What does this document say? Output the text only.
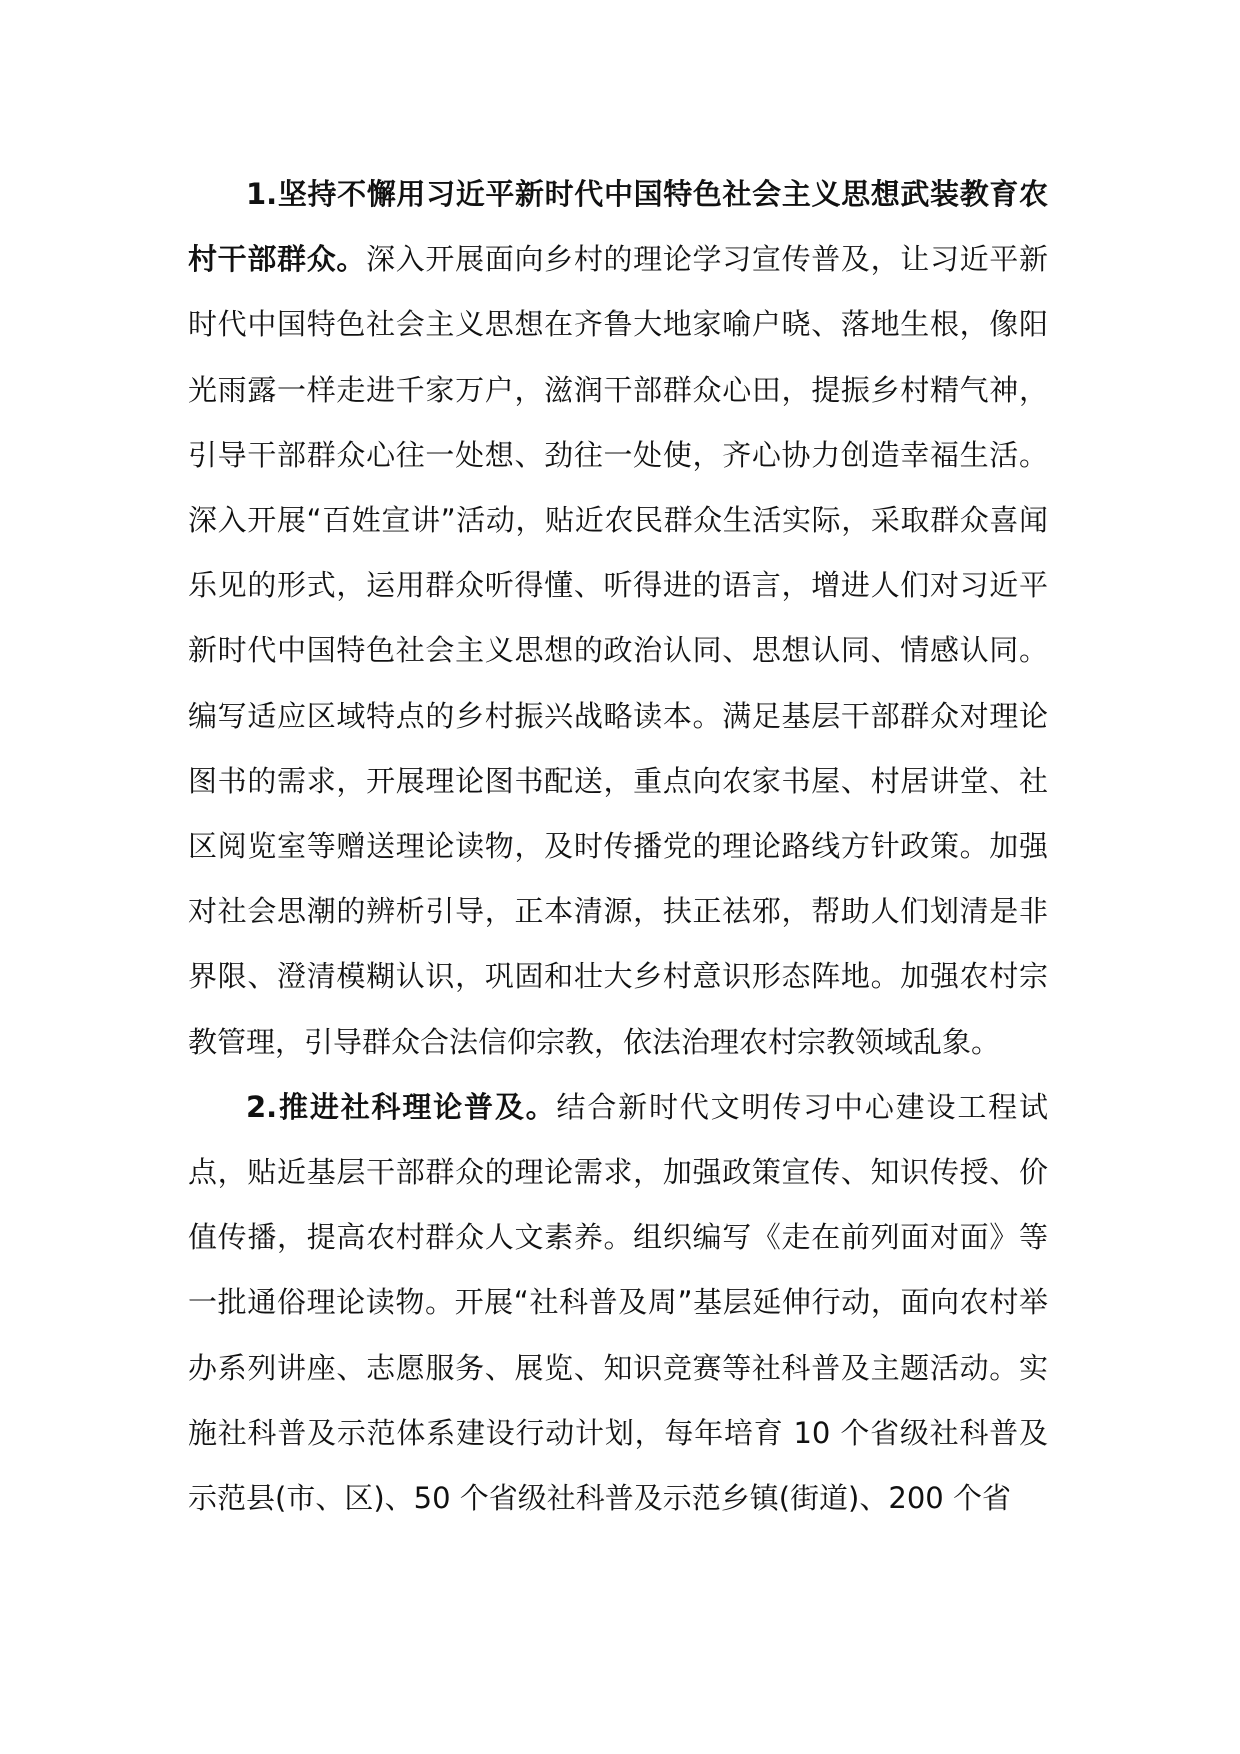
1.坚持不懈用习近平新时代中国特色社会主义思想武装教育农村干部群众。深入开展面向乡村的理论学习宣传普及，让习近平新时代中国特色社会主义思想在齐鲁大地家喻户晓、落地生根，像阳光雨露一样走进千家万户，滋润干部群众心田，提振乡村精气神，引导干部群众心往一处想、劲往一处使，齐心协力创造幸福生活。深入开展“百姓宣讲”活动，贴近农民群众生活实际，采取群众喜闻乐见的形式，运用群众听得懂、听得进的语言，增进人们对习近平新时代中国特色社会主义思想的政治认同、思想认同、情感认同。编写适应区域特点的乡村振兴战略读本。满足基层干部群众对理论图书的需求，开展理论图书配送，重点向农家书屋、村居讲堂、社区阅览室等赠送理论读物，及时传播党的理论路线方针政策。加强对社会思潮的辨析引导，正本清源，扶正祛邪，帮助人们划清是非界限、澄清模糊认识，巩固和壮大乡村意识形态阵地。加强农村宗教管理，引导群众合法信仰宗教，依法治理农村宗教领域乱象。

2.推进社科理论普及。结合新时代文明传习中心建设工程试点，贴近基层干部群众的理论需求，加强政策宣传、知识传授、价值传播，提高农村群众人文素养。组织编写《走在前列面对面》等一批通俗理论读物。开展“社科普及周”基层延伸行动，面向农村举办系列讲座、志愿服务、展览、知识竞赛等社科普及主题活动。实施社科普及示范体系建设行动计划，每年培育 10 个省级社科普及示范县(市、区)、50 个省级社科普及示范乡镇(街道)、200 个省
